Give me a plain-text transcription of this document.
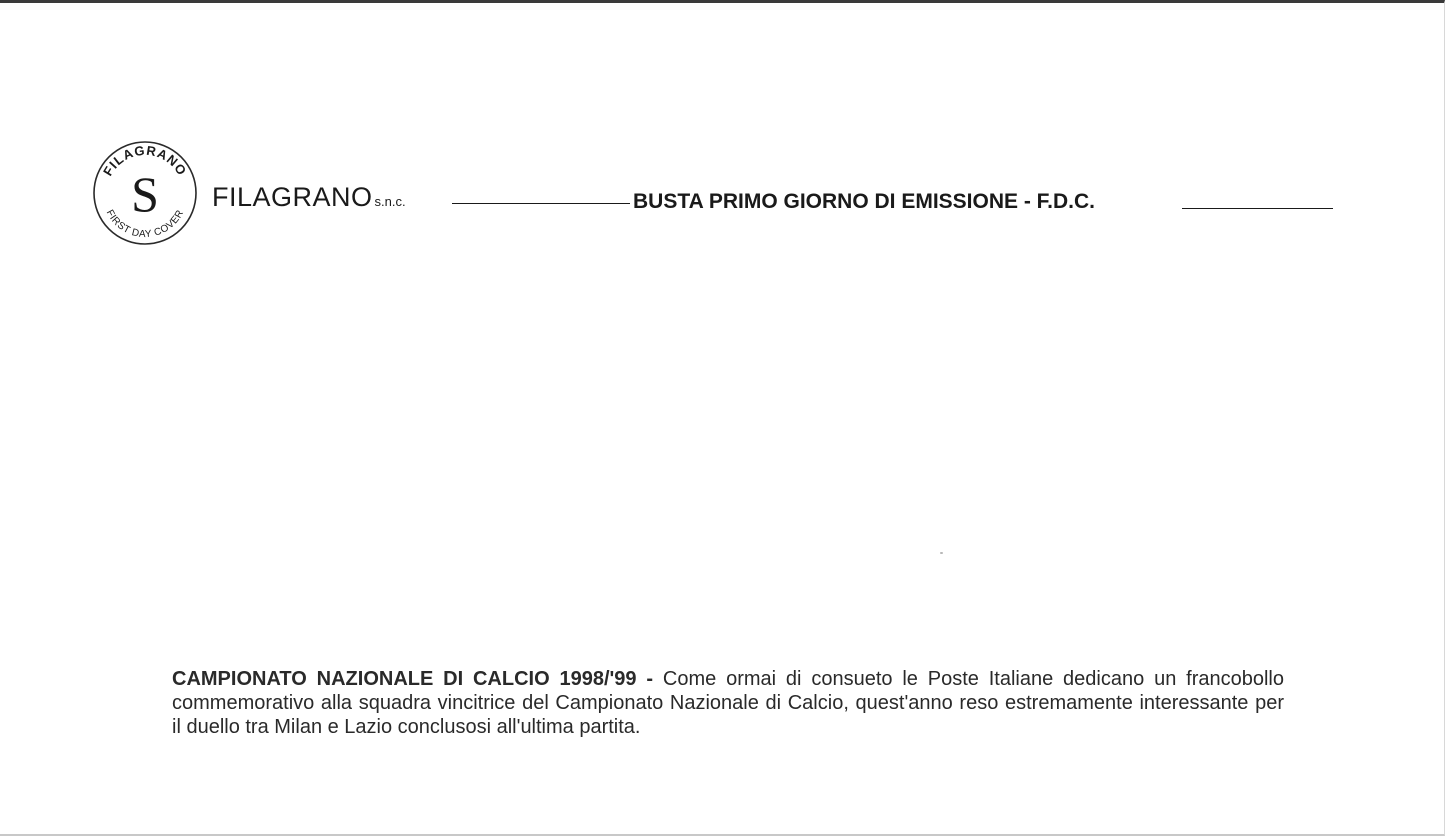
FILAGRANO
FIRST DAY COVER
S FILAGRANO s.n.c.	BUSTA PRIMO GIORNO DI EMISSIONE - F.D.C.
CAMPIONATO NAZIONALE DI CALCIO 1998/'99 - Come ormai di consueto le Poste Italiane dedicano un francobollo commemorativo alla squadra vincitrice del Campionato Nazionale di Calcio, quest'anno reso estremamente interessante per il duello tra Milan e Lazio conclusosi all'ultima partita.
